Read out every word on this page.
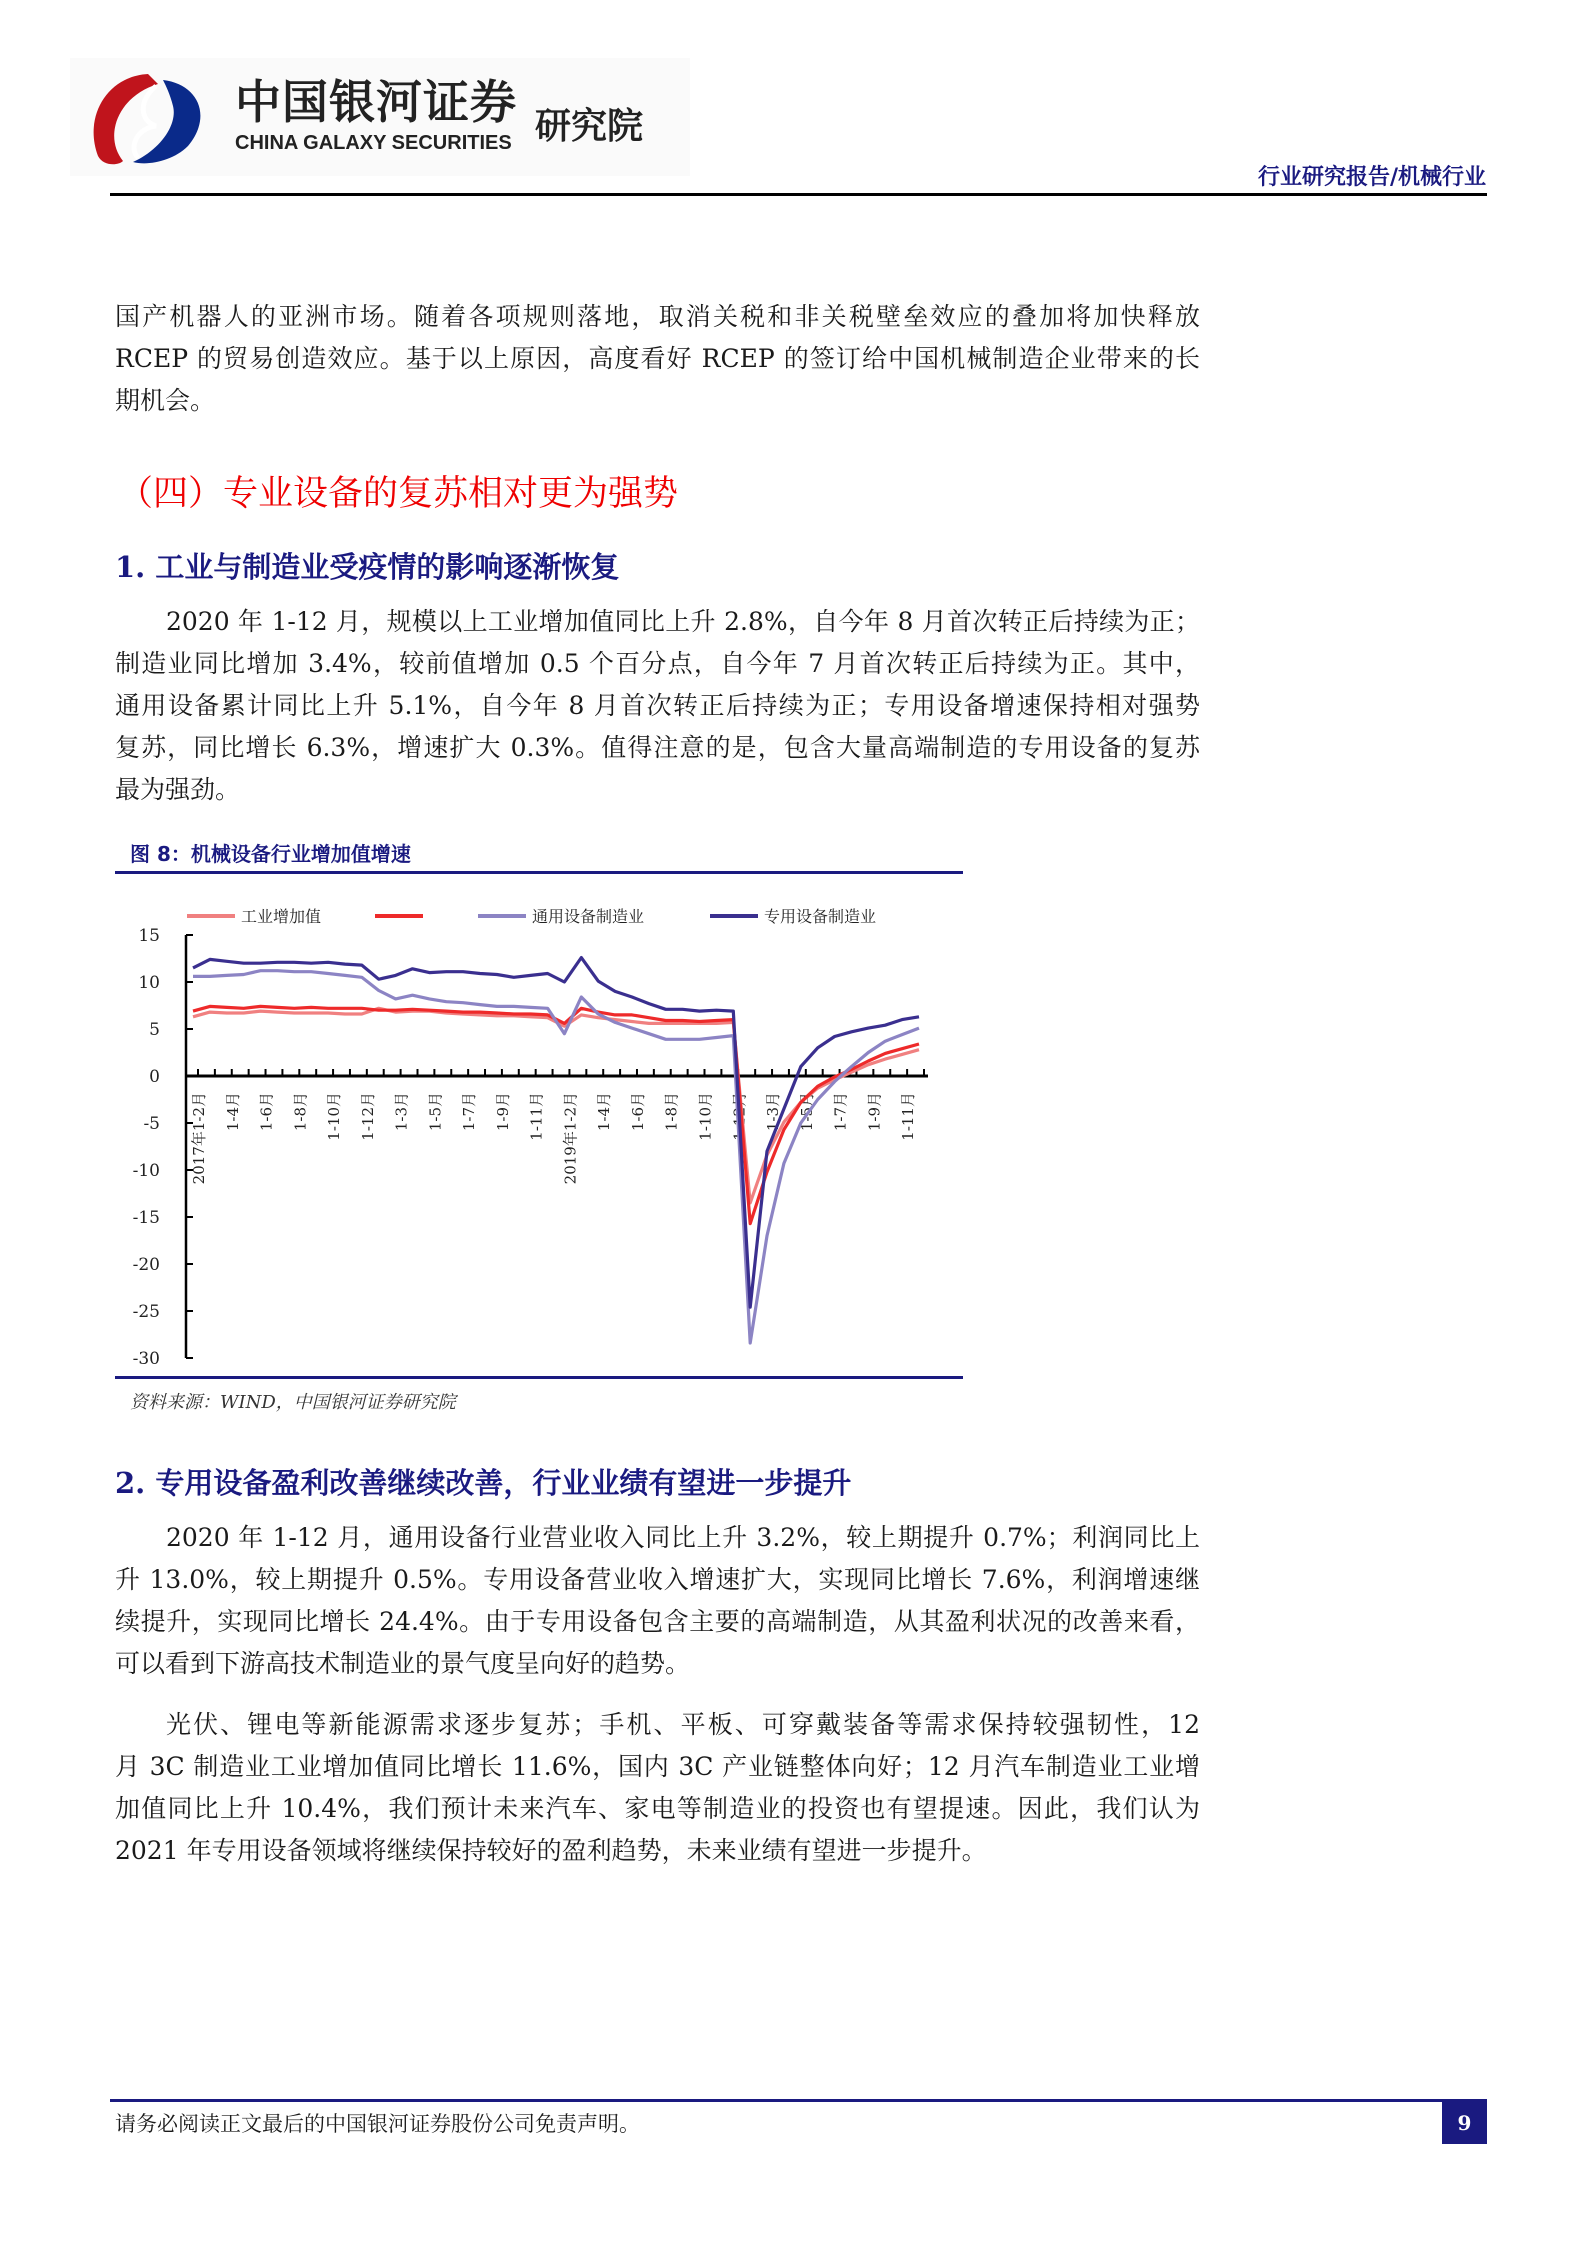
中国银河证券
CHINA GALAXY SECURITIES 研究院
行业研究报告/机械行业
国产机器人的亚洲市场。随着各项规则落地，取消关税和非关税壁垒效应的叠加将加快释放
RCEP 的贸易创造效应。基于以上原因，高度看好 RCEP 的签订给中国机械制造企业带来的长
期机会。
（四）专业设备的复苏相对更为强势
1. 工业与制造业受疫情的影响逐渐恢复
2020 年 1-12 月，规模以上工业增加值同比上升 2.8%，自今年 8 月首次转正后持续为正；
制造业同比增加 3.4%，较前值增加 0.5 个百分点，自今年 7 月首次转正后持续为正。其中，
通用设备累计同比上升 5.1%，自今年 8 月首次转正后持续为正；专用设备增速保持相对强势
复苏，同比增长 6.3%，增速扩大 0.3%。值得注意的是，包含大量高端制造的专用设备的复苏
最为强劲。
图 8：机械设备行业增加值增速
15
10
5
0
-5
-10
-15
-20
-25
-30
2017年1-2月 1-4月 1-6月 1-8月 1-10月 1-12月 1-3月 1-5月 1-7月 1-9月 1-11月 2019年1-2月 1-4月 1-6月 1-8月 1-10月 1-12月 1-3月 1-5月 1-7月 1-9月 1-11月
工业增加值	通用设备制造业	专用设备制造业
资料来源：WIND，中国银河证券研究院
2. 专用设备盈利改善继续改善，行业业绩有望进一步提升
2020 年 1-12 月，通用设备行业营业收入同比上升 3.2%，较上期提升 0.7%；利润同比上
升 13.0%，较上期提升 0.5%。专用设备营业收入增速扩大，实现同比增长 7.6%，利润增速继
续提升，实现同比增长 24.4%。由于专用设备包含主要的高端制造，从其盈利状况的改善来看，
可以看到下游高技术制造业的景气度呈向好的趋势。
光伏、锂电等新能源需求逐步复苏；手机、平板、可穿戴装备等需求保持较强韧性，12
月 3C 制造业工业增加值同比增长 11.6%，国内 3C 产业链整体向好；12 月汽车制造业工业增
加值同比上升 10.4%，我们预计未来汽车、家电等制造业的投资也有望提速。因此，我们认为
2021 年专用设备领域将继续保持较好的盈利趋势，未来业绩有望进一步提升。
请务必阅读正文最后的中国银河证券股份公司免责声明。	9
